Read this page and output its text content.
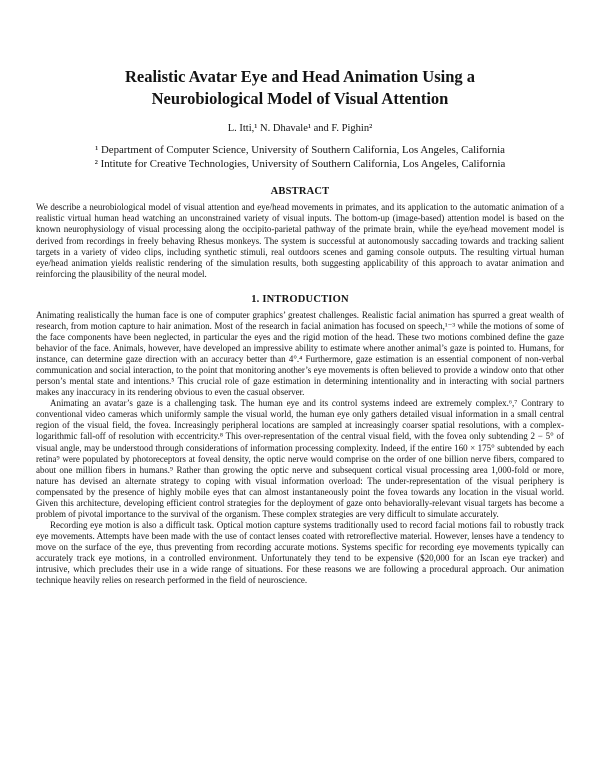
Realistic Avatar Eye and Head Animation Using a
Neurobiological Model of Visual Attention
L. Itti,¹ N. Dhavale¹ and F. Pighin²
¹ Department of Computer Science, University of Southern California, Los Angeles, California
² Intitute for Creative Technologies, University of Southern California, Los Angeles, California
ABSTRACT

We describe a neurobiological model of visual attention and eye/head movements in primates, and its application to the automatic animation of a realistic virtual human head watching an unconstrained variety of visual inputs. The bottom-up (image-based) attention model is based on the known neurophysiology of visual processing along the occipito-parietal pathway of the primate brain, while the eye/head movement model is derived from recordings in freely behaving Rhesus monkeys. The system is successful at autonomously saccading towards and tracking salient targets in a variety of video clips, including synthetic stimuli, real outdoors scenes and gaming console outputs. The resulting virtual human eye/head animation yields realistic rendering of the simulation results, both suggesting applicability of this approach to avatar animation and reinforcing the plausibility of the neural model.

1. INTRODUCTION

Animating realistically the human face is one of computer graphics’ greatest challenges. Realistic facial animation has spurred a great wealth of research, from motion capture to hair animation. Most of the research in facial animation has focused on speech,¹⁻³ while the motions of some of the face components have been neglected, in particular the eyes and the rigid motion of the head. These two motions combined define the gaze behavior of the face. Animals, however, have developed an impressive ability to estimate where another animal’s gaze is pointed to. Humans, for instance, can determine gaze direction with an accuracy better than 4°.⁴ Furthermore, gaze estimation is an essential component of non-verbal communication and social interaction, to the point that monitoring another’s eye movements is often believed to provide a window onto that other person’s mental state and intentions.⁵ This crucial role of gaze estimation in determining intentionality and in interacting with social partners makes any inaccuracy in its rendering obvious to even the casual observer.

Animating an avatar’s gaze is a challenging task. The human eye and its control systems indeed are extremely complex.⁶,⁷ Contrary to conventional video cameras which uniformly sample the visual world, the human eye only gathers detailed visual information in a small central region of the visual field, the fovea. Increasingly peripheral locations are sampled at increasingly coarser spatial resolutions, with a complex-logarithmic fall-off of resolution with eccentricity.⁸ This over-representation of the central visual field, with the fovea only subtending 2 − 5° of visual angle, may be understood through considerations of information processing complexity. Indeed, if the entire 160 × 175° subtended by each retina⁹ were populated by photoreceptors at foveal density, the optic nerve would comprise on the order of one billion nerve fibers, compared to about one million fibers in humans.⁹ Rather than growing the optic nerve and subsequent cortical visual processing area 1,000-fold or more, nature has devised an alternate strategy to coping with visual information overload: The under-representation of the visual periphery is compensated by the presence of highly mobile eyes that can almost instantaneously point the fovea towards any location in the visual world. Given this architecture, developing efficient control strategies for the deployment of gaze onto behaviorally-relevant visual targets has become a problem of pivotal importance to the survival of the organism. These complex strategies are very difficult to simulate accurately.

Recording eye motion is also a difficult task. Optical motion capture systems traditionally used to record facial motions fail to robustly track eye movements. Attempts have been made with the use of contact lenses coated with retroreflective material. However, lenses have a tendency to move on the surface of the eye, thus preventing from recording accurate motions. Systems specific for recording eye movements typically can accurately track eye motions, in a controlled environment. Unfortunately they tend to be expensive ($20,000 for an Iscan eye tracker) and intrusive, which precludes their use in a wide range of situations. For these reasons we are following a procedural approach. Our animation technique heavily relies on research performed in the field of neuroscience.
